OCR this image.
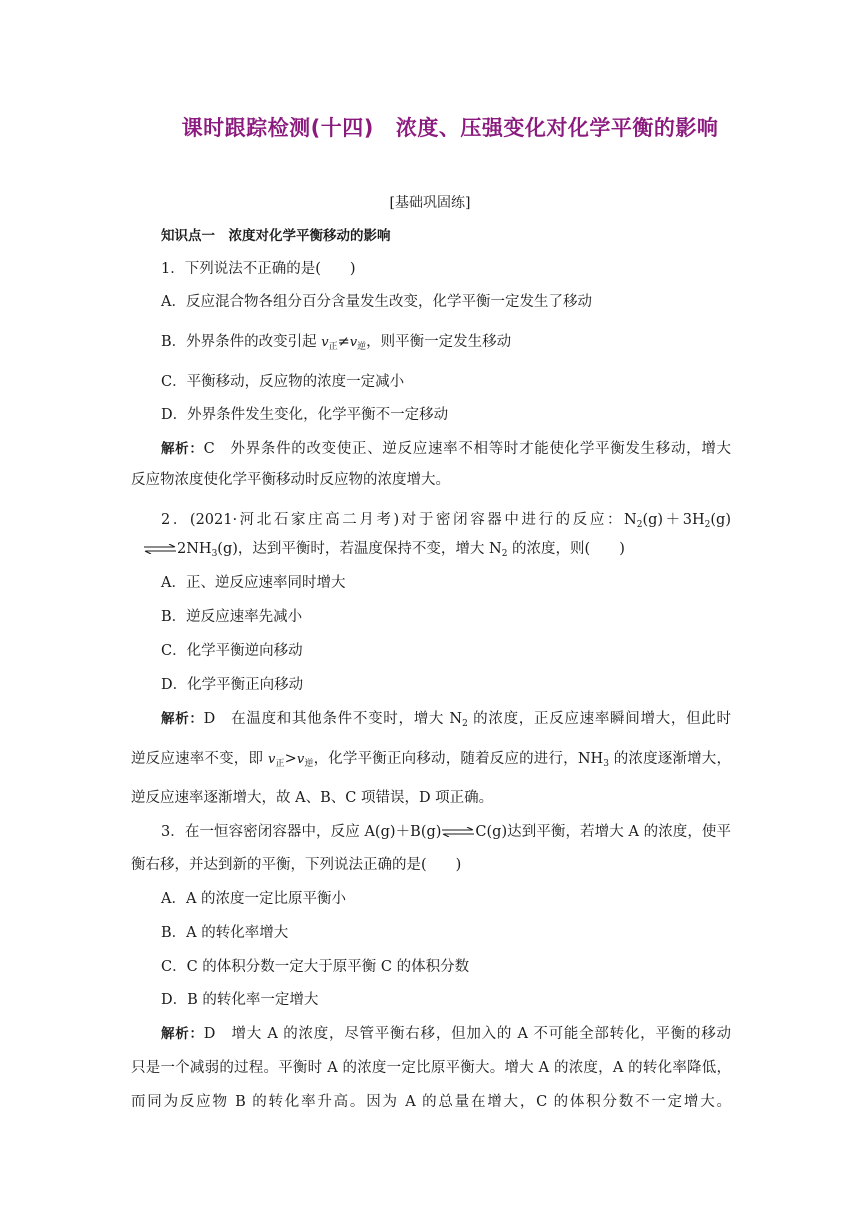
课时跟踪检测(十四) 浓度、压强变化对化学平衡的影响
[基础巩固练]
知识点一　 浓度对化学平衡移动的影响
1．下列说法不正确的是(　　)
A．反应混合物各组分百分含量发生改变，化学平衡一定发生了移动
B．外界条件的改变引起 $v_正\ne v_逆$，则平衡一定发生移动
C．平衡移动，反应物的浓度一定减小
D．外界条件发生变化，化学平衡不一定移动
解析：C　外界条件的改变使正、逆反应速率不相等时才能使化学平衡发生移动，增大
反应物浓度使化学平衡移动时反应物的浓度增大。
2．(2021·河北石家庄高二月考)对于密闭容器中进行的反应：$N_2(g)+3H_2(g)$
$\rightleftharpoons 2NH_3(g)$，达到平衡时，若温度保持不变，增大 $N_2$ 的浓度，则(　　)
A．正、逆反应速率同时增大
B．逆反应速率先减小
C．化学平衡逆向移动
D．化学平衡正向移动
解析：D　在温度和其他条件不变时，增大 $N_2$ 的浓度，正反应速率瞬间增大，但此时
逆反应速率不变，即 $v_正>v_逆$，化学平衡正向移动，随着反应的进行，$NH_3$ 的浓度逐渐增大，
逆反应速率逐渐增大，故 A、B、C 项错误，D 项正确。
3．在一恒容密闭容器中，反应 A(g)＋B(g)⇌C(g)达到平衡，若增大 A 的浓度，使平
衡右移，并达到新的平衡，下列说法正确的是(　　)
A．A 的浓度一定比原平衡小
B．A 的转化率增大
C．C 的体积分数一定大于原平衡 C 的体积分数
D．B 的转化率一定增大
解析：D　增大 A 的浓度，尽管平衡右移，但加入的 A 不可能全部转化，平衡的移动
只是一个减弱的过程。平衡时 A 的浓度一定比原平衡大。增大 A 的浓度，A 的转化率降低，
而同为反应物 B 的转化率升高。因为 A 的总量在增大，C 的体积分数不一定增大。
